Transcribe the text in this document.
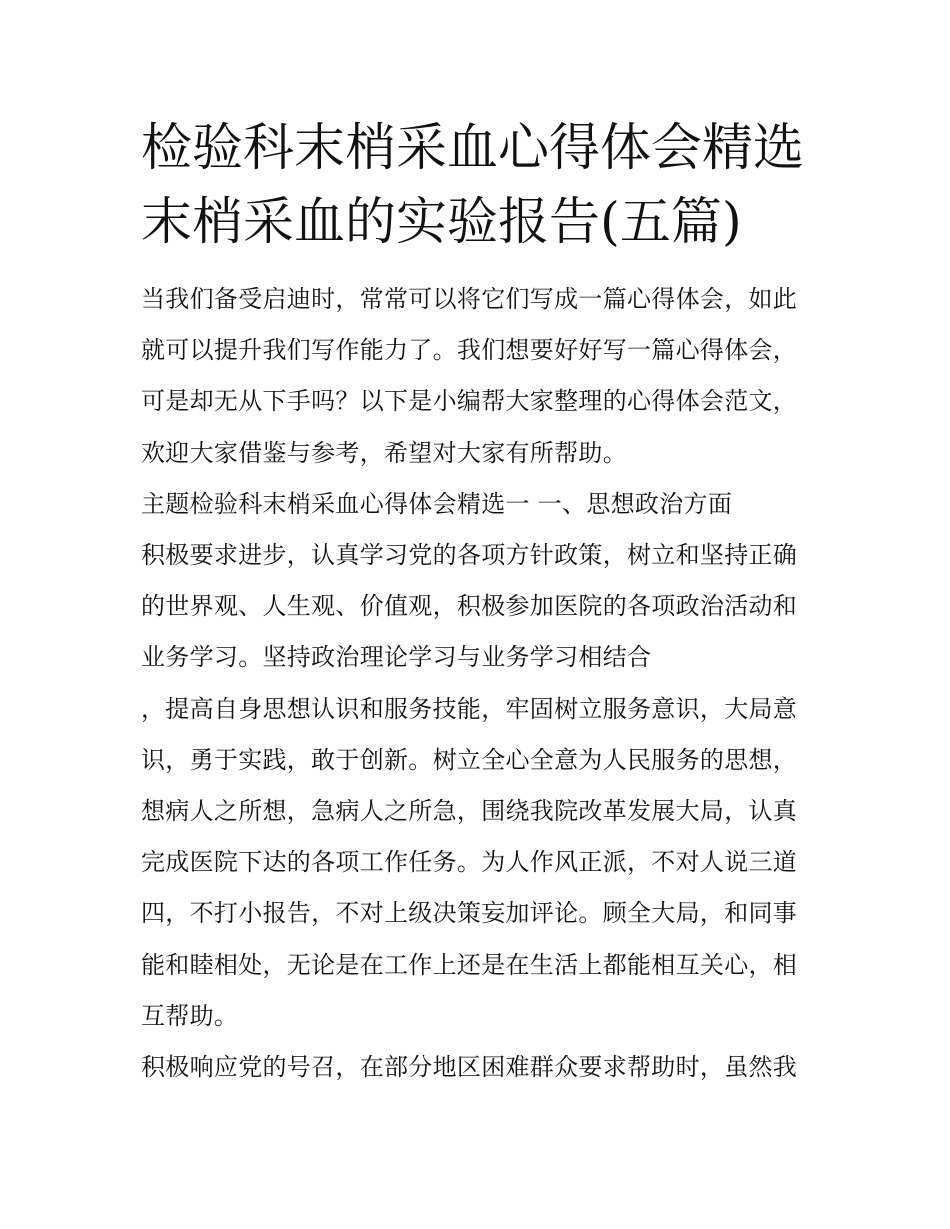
检验科末梢采血心得体会精选
末梢采血的实验报告(五篇)

当我们备受启迪时，常常可以将它们写成一篇心得体会，如此
就可以提升我们写作能力了。我们想要好好写一篇心得体会，
可是却无从下手吗？以下是小编帮大家整理的心得体会范文，
欢迎大家借鉴与参考，希望对大家有所帮助。

主题检验科末梢采血心得体会精选一 一、思想政治方面

积极要求进步，认真学习党的各项方针政策，树立和坚持正确
的世界观、人生观、价值观，积极参加医院的各项政治活动和
业务学习。坚持政治理论学习与业务学习相结合

，提高自身思想认识和服务技能，牢固树立服务意识，大局意
识，勇于实践，敢于创新。树立全心全意为人民服务的思想，
想病人之所想，急病人之所急，围绕我院改革发展大局，认真
完成医院下达的各项工作任务。为人作风正派，不对人说三道
四，不打小报告，不对上级决策妄加评论。顾全大局，和同事
能和睦相处，无论是在工作上还是在生活上都能相互关心，相
互帮助。

积极响应党的号召，在部分地区困难群众要求帮助时，虽然我
